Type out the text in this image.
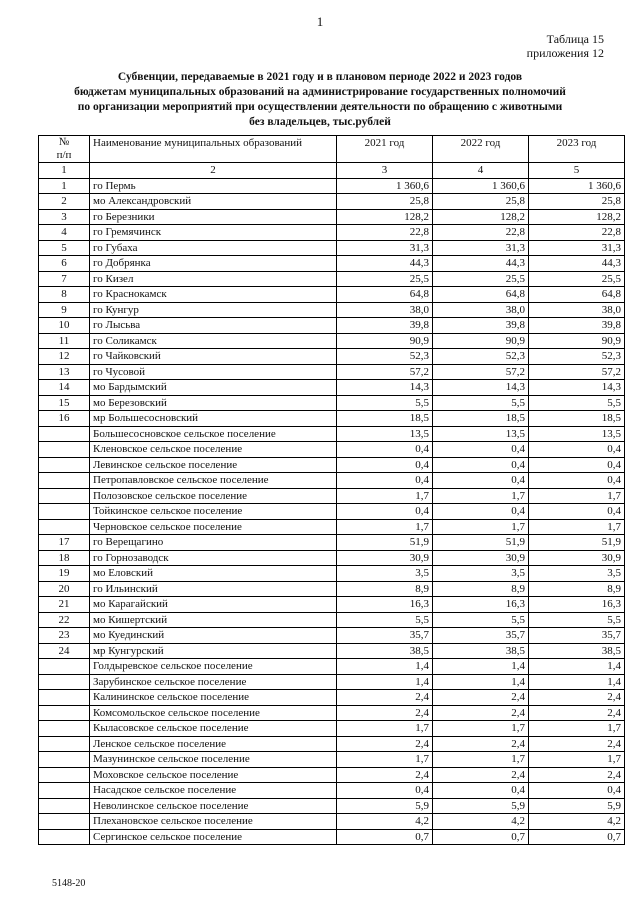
1
Таблица 15
приложения 12
Субвенции, передаваемые в 2021 году и в плановом периоде 2022 и 2023 годов
бюджетам муниципальных образований на администрирование государственных полномочий
по организации мероприятий при осуществлении деятельности по обращению с животными
без владельцев, тыс.рублей
№
п/п	Наименование муниципальных образований	2021 год	2022 год	2023 год
1	2	3	4	5
1	го Пермь	1 360,6	1 360,6	1 360,6
2	мо Александровский	25,8	25,8	25,8
3	го Березники	128,2	128,2	128,2
4	го Гремячинск	22,8	22,8	22,8
5	го Губаха	31,3	31,3	31,3
6	го Добрянка	44,3	44,3	44,3
7	го Кизел	25,5	25,5	25,5
8	го Краснокамск	64,8	64,8	64,8
9	го Кунгур	38,0	38,0	38,0
10	го Лысьва	39,8	39,8	39,8
11	го Соликамск	90,9	90,9	90,9
12	го Чайковский	52,3	52,3	52,3
13	го Чусовой	57,2	57,2	57,2
14	мо Бардымский	14,3	14,3	14,3
15	мо Березовский	5,5	5,5	5,5
16	мр Большесосновский	18,5	18,5	18,5
	Большесосновское сельское поселение	13,5	13,5	13,5
	Кленовское сельское поселение	0,4	0,4	0,4
	Левинское сельское поселение	0,4	0,4	0,4
	Петропавловское сельское поселение	0,4	0,4	0,4
	Полозовское сельское поселение	1,7	1,7	1,7
	Тойкинское сельское поселение	0,4	0,4	0,4
	Черновское сельское поселение	1,7	1,7	1,7
17	го Верещагино	51,9	51,9	51,9
18	го Горнозаводск	30,9	30,9	30,9
19	мо Еловский	3,5	3,5	3,5
20	го Ильинский	8,9	8,9	8,9
21	мо Карагайский	16,3	16,3	16,3
22	мо Кишертский	5,5	5,5	5,5
23	мо Куединский	35,7	35,7	35,7
24	мр Кунгурский	38,5	38,5	38,5
	Голдыревское сельское поселение	1,4	1,4	1,4
	Зарубинское сельское поселение	1,4	1,4	1,4
	Калининское сельское поселение	2,4	2,4	2,4
	Комсомольское сельское поселение	2,4	2,4	2,4
	Кыласовское сельское поселение	1,7	1,7	1,7
	Ленское сельское поселение	2,4	2,4	2,4
	Мазунинское сельское поселение	1,7	1,7	1,7
	Моховское сельское поселение	2,4	2,4	2,4
	Насадское сельское поселение	0,4	0,4	0,4
	Неволинское сельское поселение	5,9	5,9	5,9
	Плехановское сельское поселение	4,2	4,2	4,2
	Сергинское сельское поселение	0,7	0,7	0,7
5148-20
